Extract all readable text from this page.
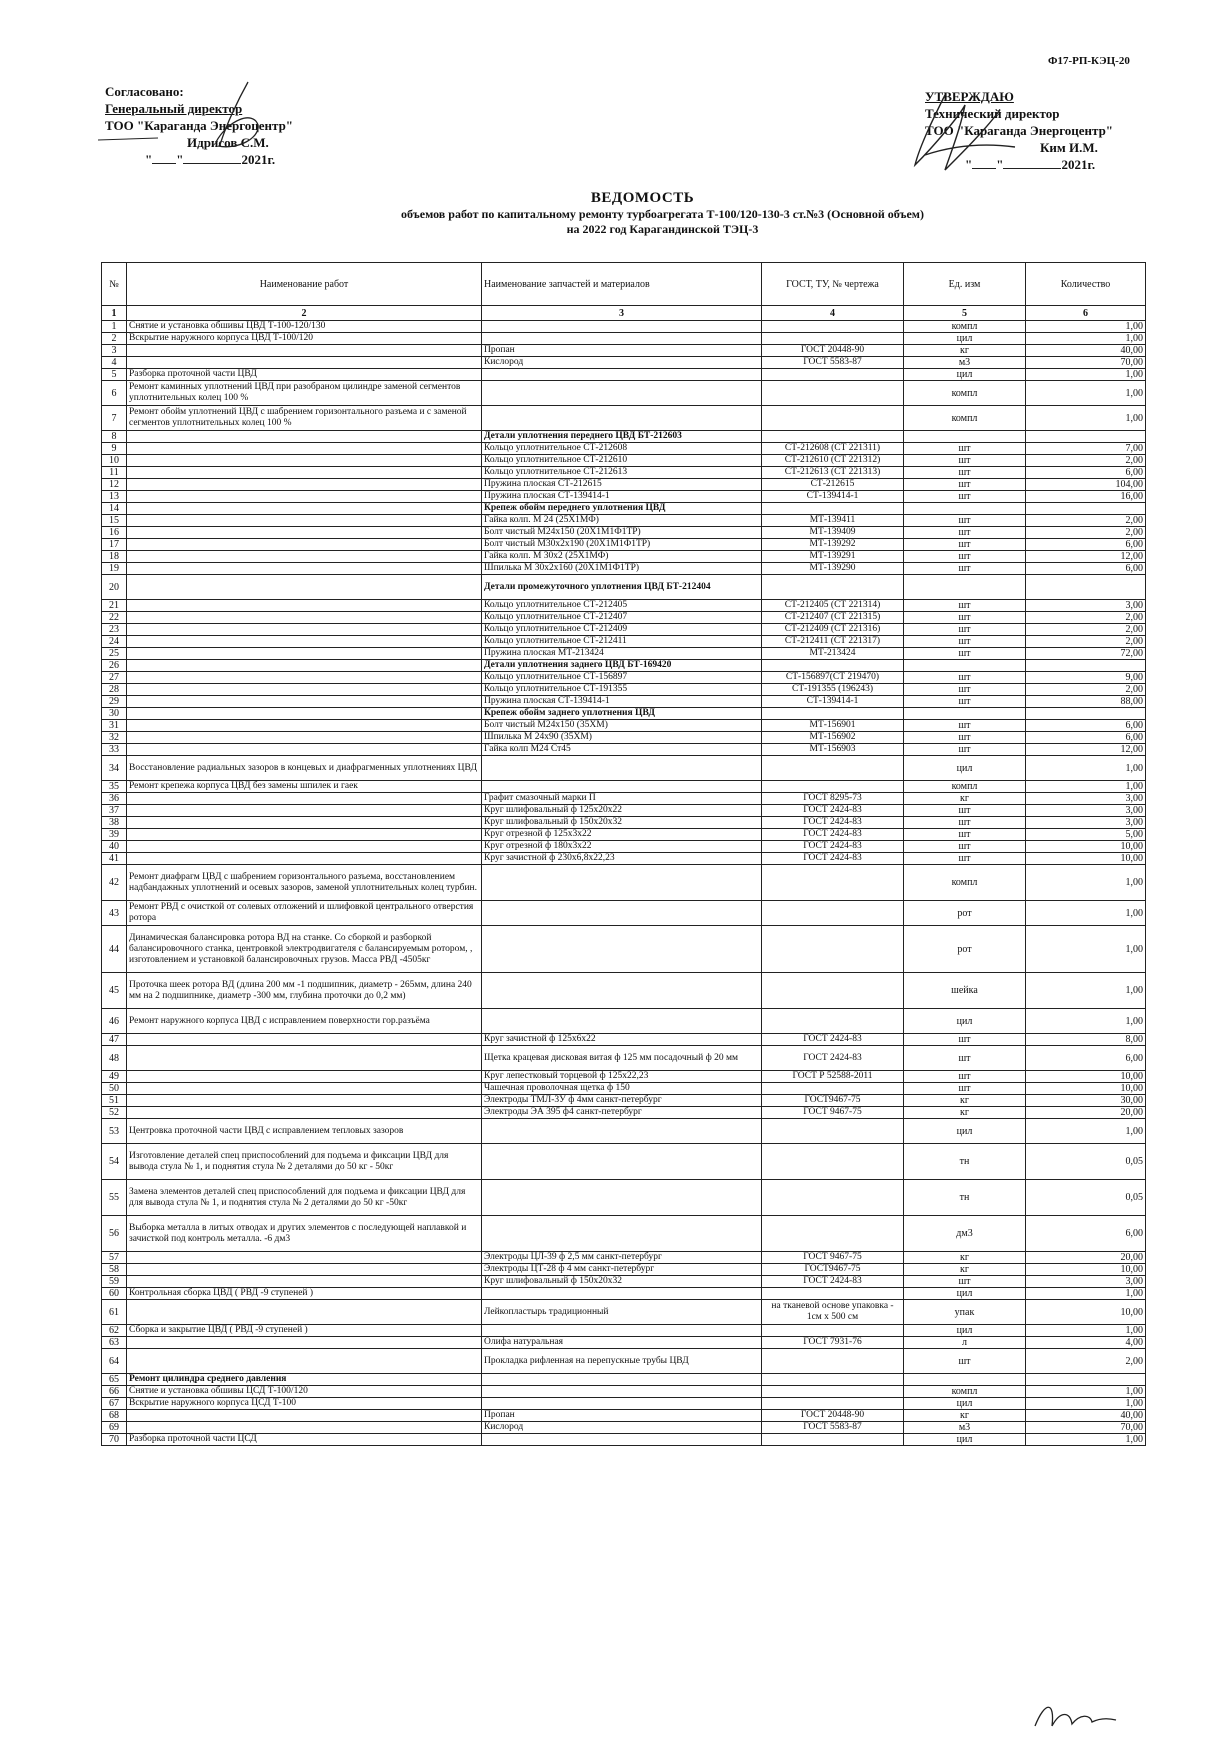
Ф17-РП-КЭЦ-20
Согласовано:
Генеральный директор
ТОО "Караганда Энергоцентр"
Идрисов С.М.
" "	2021г.
УТВЕРЖДАЮ
Технический директор
ТОО "Караганда Энергоцентр"
Ким И.М.
" "	2021г.
ВЕДОМОСТЬ
объемов работ по капитальному ремонту турбоагрегата Т-100/120-130-3 ст.№3 (Основной объем)
на 2022 год Карагандинской ТЭЦ-3
№	Наименование работ	Наименование запчастей и материалов	ГОСТ, ТУ, № чертежа	Ед. изм	Количество
1	2	3	4	5	6
1	Снятие и установка обшивы ЦВД Т-100-120/130			компл	1,00
2	Вскрытие наружного корпуса ЦВД Т-100/120			цил	1,00
3		Пропан	ГОСТ 20448-90	кг	40,00
4		Кислород	ГОСТ 5583-87	м3	70,00
5	Разборка проточной части ЦВД			цил	1,00
6	Ремонт каминных уплотнений ЦВД при разобраном цилиндре заменой сегментов уплотнительных колец 100 %			компл	1,00
7	Ремонт обойм уплотнений ЦВД с шабрением горизонтального разъема и с заменой сегментов уплотнительных колец 100 %			компл	1,00
8		Детали уплотнения переднего ЦВД БТ-212603			
9		Кольцо уплотнительное СТ-212608	СТ-212608 (СТ 221311)	шт	7,00
10		Кольцо уплотнительное СТ-212610	СТ-212610 (СТ 221312)	шт	2,00
11		Кольцо уплотнительное СТ-212613	СТ-212613 (СТ 221313)	шт	6,00
12		Пружина плоская СТ-212615	СТ-212615	шт	104,00
13		Пружина плоская СТ-139414-1	СТ-139414-1	шт	16,00
14		Крепеж обойм переднего уплотнения ЦВД			
15		Гайка колп. М 24 (25Х1МФ)	МТ-139411	шт	2,00
16		Болт чистый М24х150 (20Х1М1Ф1ТР)	МТ-139409	шт	2,00
17		Болт чистый М30х2х190 (20Х1М1Ф1ТР)	МТ-139292	шт	6,00
18		Гайка колп. М 30х2 (25Х1МФ)	МТ-139291	шт	12,00
19		Шпилька М 30х2х160 (20Х1М1Ф1ТР)	МТ-139290	шт	6,00
20		Детали промежуточного уплотнения ЦВД БТ-212404			
21		Кольцо уплотнительное СТ-212405	СТ-212405 (СТ 221314)	шт	3,00
22		Кольцо уплотнительное СТ-212407	СТ-212407 (СТ 221315)	шт	2,00
23		Кольцо уплотнительное СТ-212409	СТ-212409 (СТ 221316)	шт	2,00
24		Кольцо уплотнительное СТ-212411	СТ-212411 (СТ 221317)	шт	2,00
25		Пружина плоская МТ-213424	МТ-213424	шт	72,00
26		Детали уплотнения заднего ЦВД БТ-169420			
27		Кольцо уплотнительное СТ-156897	СТ-156897(СТ 219470)	шт	9,00
28		Кольцо уплотнительное СТ-191355	СТ-191355 (196243)	шт	2,00
29		Пружина плоская СТ-139414-1	СТ-139414-1	шт	88,00
30		Крепеж обойм заднего уплотнения ЦВД			
31		Болт чистый М24х150 (35ХМ)	МТ-156901	шт	6,00
32		Шпилька М 24х90 (35ХМ)	МТ-156902	шт	6,00
33		Гайка колп М24 Ст45	МТ-156903	шт	12,00
34	Восстановление радиальных зазоров в концевых и диафрагменных уплотнениях ЦВД			цил	1,00
35	Ремонт крепежа корпуса ЦВД без замены шпилек и гаек			компл	1,00
36		Графит смазочный марки П	ГОСТ 8295-73	кг	3,00
37		Круг шлифовальный ф 125х20х22	ГОСТ 2424-83	шт	3,00
38		Круг шлифовальный ф 150х20х32	ГОСТ 2424-83	шт	3,00
39		Круг отрезной ф 125х3х22	ГОСТ 2424-83	шт	5,00
40		Круг отрезной ф 180х3х22	ГОСТ 2424-83	шт	10,00
41		Круг зачистной ф 230х6,8х22,23	ГОСТ 2424-83	шт	10,00
42	Ремонт диафрагм ЦВД с шабрением горизонтального разъема, восстановлением надбандажных уплотнений и осевых зазоров, заменой уплотнительных колец турбин.			компл	1,00
43	Ремонт РВД с очисткой от солевых отложений и шлифовкой центрального отверстия ротора			рот	1,00
44	Динамическая балансировка ротора ВД на станке. Со сборкой и разборкой балансировочного станка, центровкой электродвигателя с балансируемым ротором, , изготовлением и установкой балансировочных грузов. Масса РВД -4505кг			рот	1,00
45	Проточка шеек ротора ВД (длина 200 мм -1 подшипник, диаметр - 265мм, длина 240 мм на 2 подшипнике, диаметр -300 мм, глубина проточки до 0,2 мм)			шейка	1,00
46	Ремонт наружного корпуса ЦВД с исправлением поверхности гор.разъёма			цил	1,00
47		Круг зачистной ф 125х6х22	ГОСТ 2424-83	шт	8,00
48		Щетка крацевая дисковая витая ф 125 мм посадочный ф 20 мм	ГОСТ 2424-83	шт	6,00
49		Круг лепестковый торцевой ф 125х22,23	ГОСТ Р 52588-2011	шт	10,00
50		Чашечная проволочная щетка ф 150		шт	10,00
51		Электроды ТМЛ-3У ф 4мм санкт-петербург	ГОСТ9467-75	кг	30,00
52		Электроды ЭА 395 ф4 санкт-петербург	ГОСТ 9467-75	кг	20,00
53	Центровка проточной части ЦВД с исправлением тепловых зазоров			цил	1,00
54	Изготовление деталей спец приспособлений для подъема и фиксации ЦВД для вывода стула № 1, и поднятия стула № 2 деталями до 50 кг - 50кг			тн	0,05
55	Замена элементов деталей спец приспособлений для подъема и фиксации ЦВД для для вывода стула № 1, и поднятия стула № 2 деталями до 50 кг -50кг			тн	0,05
56	Выборка металла в литых отводах и других элементов с последующей наплавкой и зачисткой под контроль металла. -6 дм3			дм3	6,00
57		Электроды ЦЛ-39 ф 2,5 мм санкт-петербург	ГОСТ 9467-75	кг	20,00
58		Электроды ЦТ-28 ф 4 мм санкт-петербург	ГОСТ9467-75	кг	10,00
59		Круг шлифовальный ф 150х20х32	ГОСТ 2424-83	шт	3,00
60	Контрольная сборка ЦВД ( РВД -9 ступеней )			цил	1,00
61		Лейкопластырь традиционный	на тканевой основе упаковка - 1см х 500 см	упак	10,00
62	Сборка и закрытие ЦВД ( РВД -9 ступеней )			цил	1,00
63		Олифа натуральная	ГОСТ 7931-76	л	4,00
64		Прокладка рифленная на перепускные трубы ЦВД		шт	2,00
65	Ремонт цилиндра среднего давления				
66	Снятие и установка обшивы ЦСД Т-100/120			компл	1,00
67	Вскрытие наружного корпуса ЦСД Т-100			цил	1,00
68		Пропан	ГОСТ 20448-90	кг	40,00
69		Кислород	ГОСТ 5583-87	м3	70,00
70	Разборка проточной части ЦСД			цил	1,00
